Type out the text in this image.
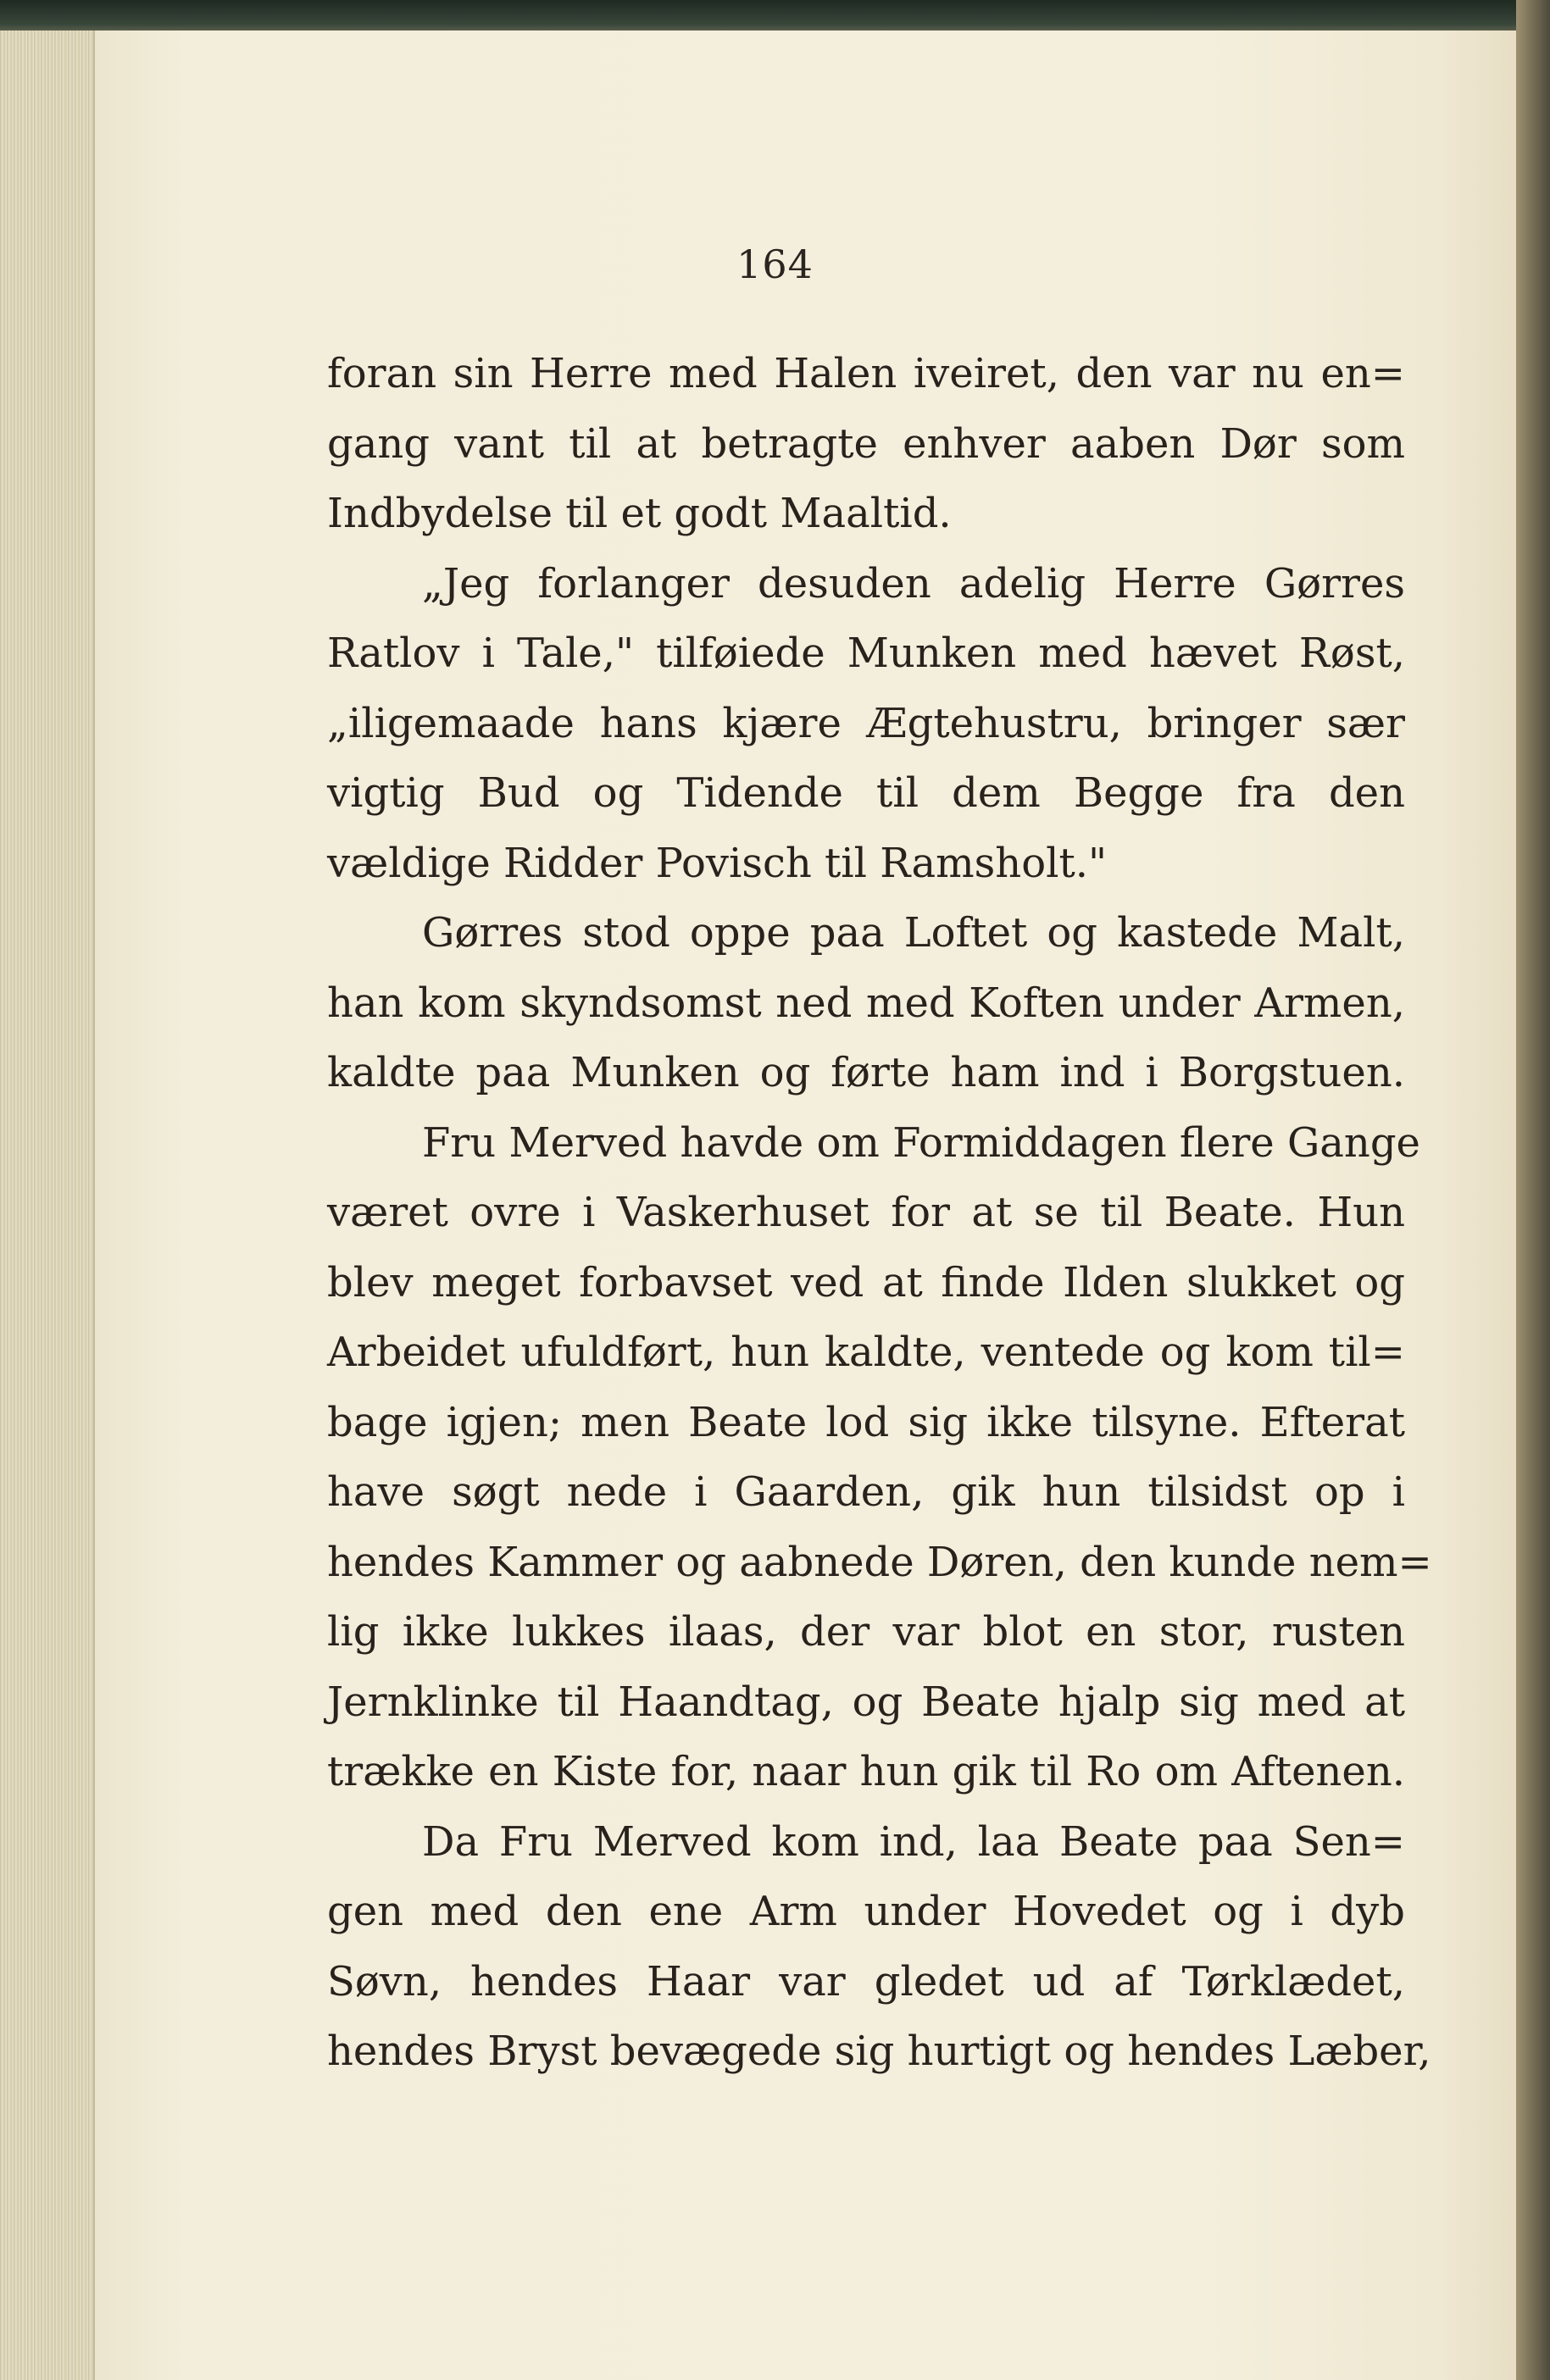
164
foran sin Herre med Halen iveiret, den var nu en=
gang vant til at betragte enhver aaben Dør som
Indbydelse til et godt Maaltid.
„Jeg forlanger desuden adelig Herre Gørres
Ratlov i Tale," tilføiede Munken med hævet Røst,
„iligemaade hans kjære Ægtehustru, bringer sær
vigtig Bud og Tidende til dem Begge fra den
vældige Ridder Povisch til Ramsholt."
Gørres stod oppe paa Loftet og kastede Malt,
han kom skyndsomst ned med Koften under Armen,
kaldte paa Munken og førte ham ind i Borgstuen.
Fru Merved havde om Formiddagen flere Gange
været ovre i Vaskerhuset for at se til Beate. Hun
blev meget forbavset ved at finde Ilden slukket og
Arbeidet ufuldført, hun kaldte, ventede og kom til=
bage igjen; men Beate lod sig ikke tilsyne. Efterat
have søgt nede i Gaarden, gik hun tilsidst op i
hendes Kammer og aabnede Døren, den kunde nem=
lig ikke lukkes ilaas, der var blot en stor, rusten
Jernklinke til Haandtag, og Beate hjalp sig med at
trække en Kiste for, naar hun gik til Ro om Aftenen.
Da Fru Merved kom ind, laa Beate paa Sen=
gen med den ene Arm under Hovedet og i dyb
Søvn, hendes Haar var gledet ud af Tørklædet,
hendes Bryst bevægede sig hurtigt og hendes Læber,
